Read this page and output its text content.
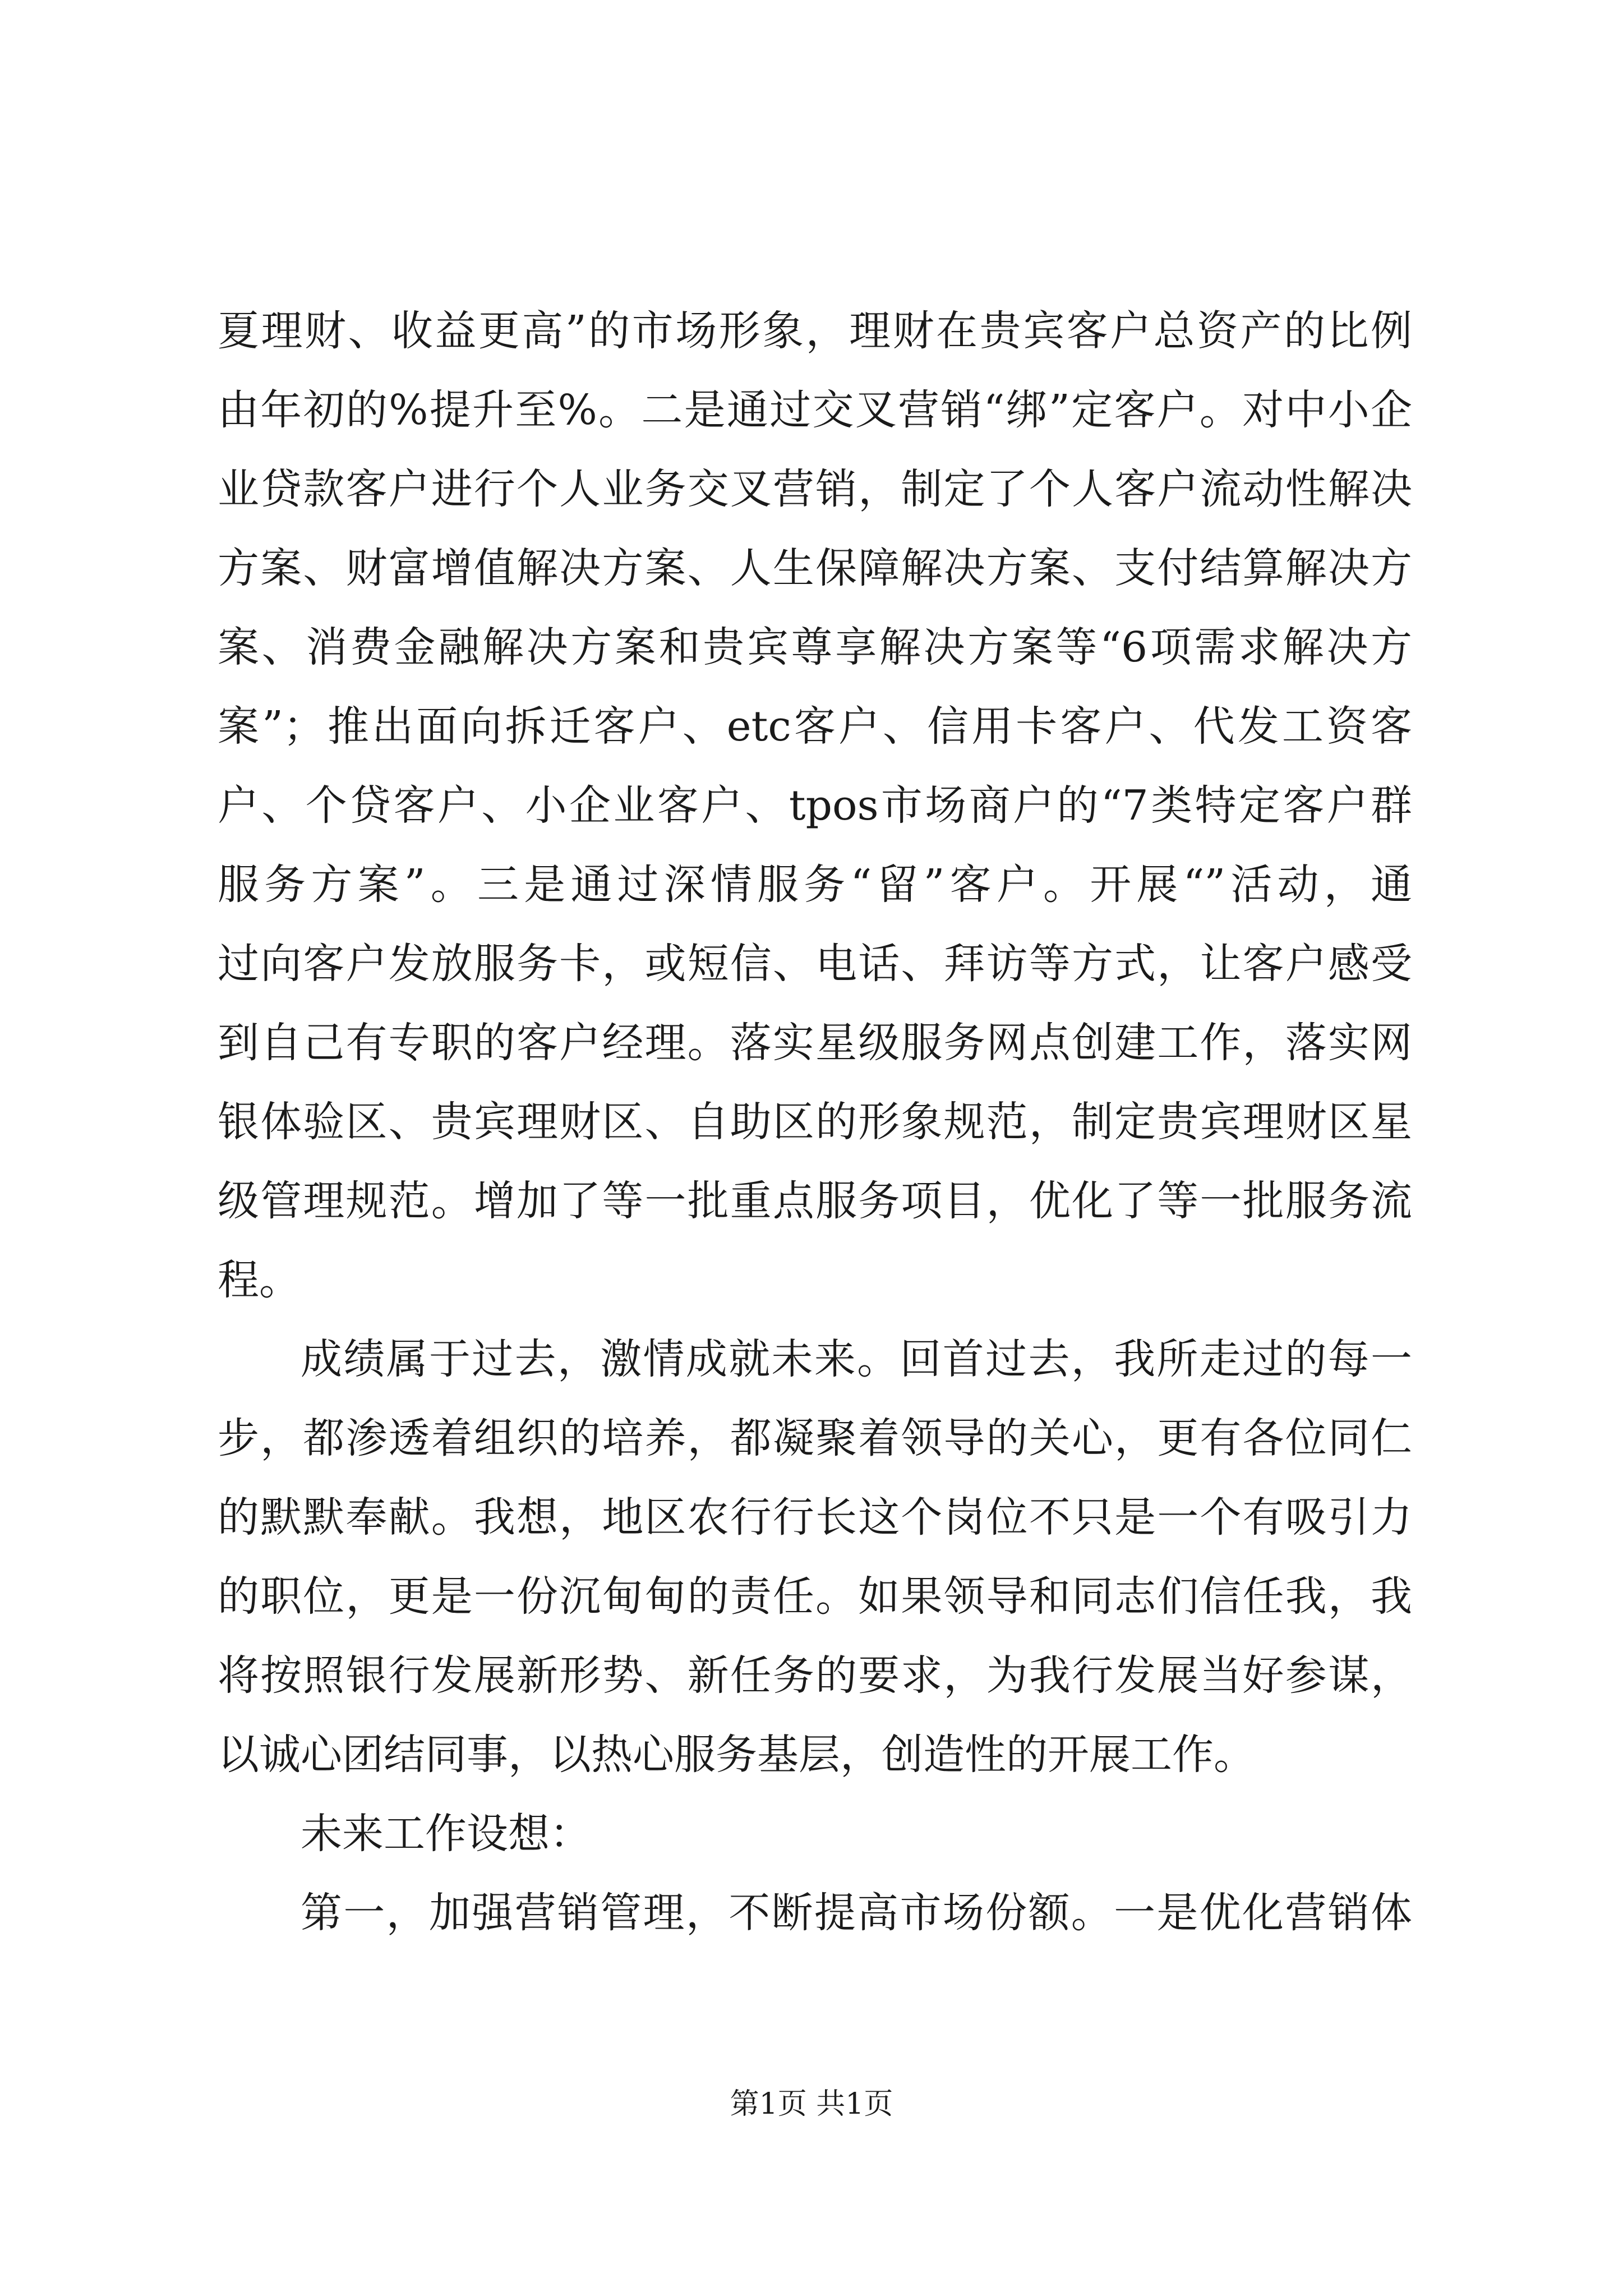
夏理财、收益更高”的市场形象，理财在贵宾客户总资产的比例
由年初的%提升至%。二是通过交叉营销“绑”定客户。对中小企
业贷款客户进行个人业务交叉营销，制定了个人客户流动性解决
方案、财富增值解决方案、人生保障解决方案、支付结算解决方
案、消费金融解决方案和贵宾尊享解决方案等“6项需求解决方
案”；推出面向拆迁客户、etc客户、信用卡客户、代发工资客
户、个贷客户、小企业客户、tpos市场商户的“7类特定客户群
服务方案”。三是通过深情服务“留”客户。开展“”活动，通
过向客户发放服务卡，或短信、电话、拜访等方式，让客户感受
到自己有专职的客户经理。落实星级服务网点创建工作，落实网
银体验区、贵宾理财区、自助区的形象规范，制定贵宾理财区星
级管理规范。增加了等一批重点服务项目，优化了等一批服务流
程。
成绩属于过去，激情成就未来。回首过去，我所走过的每一
步，都渗透着组织的培养，都凝聚着领导的关心，更有各位同仁
的默默奉献。我想，地区农行行长这个岗位不只是一个有吸引力
的职位，更是一份沉甸甸的责任。如果领导和同志们信任我，我
将按照银行发展新形势、新任务的要求，为我行发展当好参谋，
以诚心团结同事，以热心服务基层，创造性的开展工作。
未来工作设想：
第一，加强营销管理，不断提高市场份额。一是优化营销体
第1页 共1页
